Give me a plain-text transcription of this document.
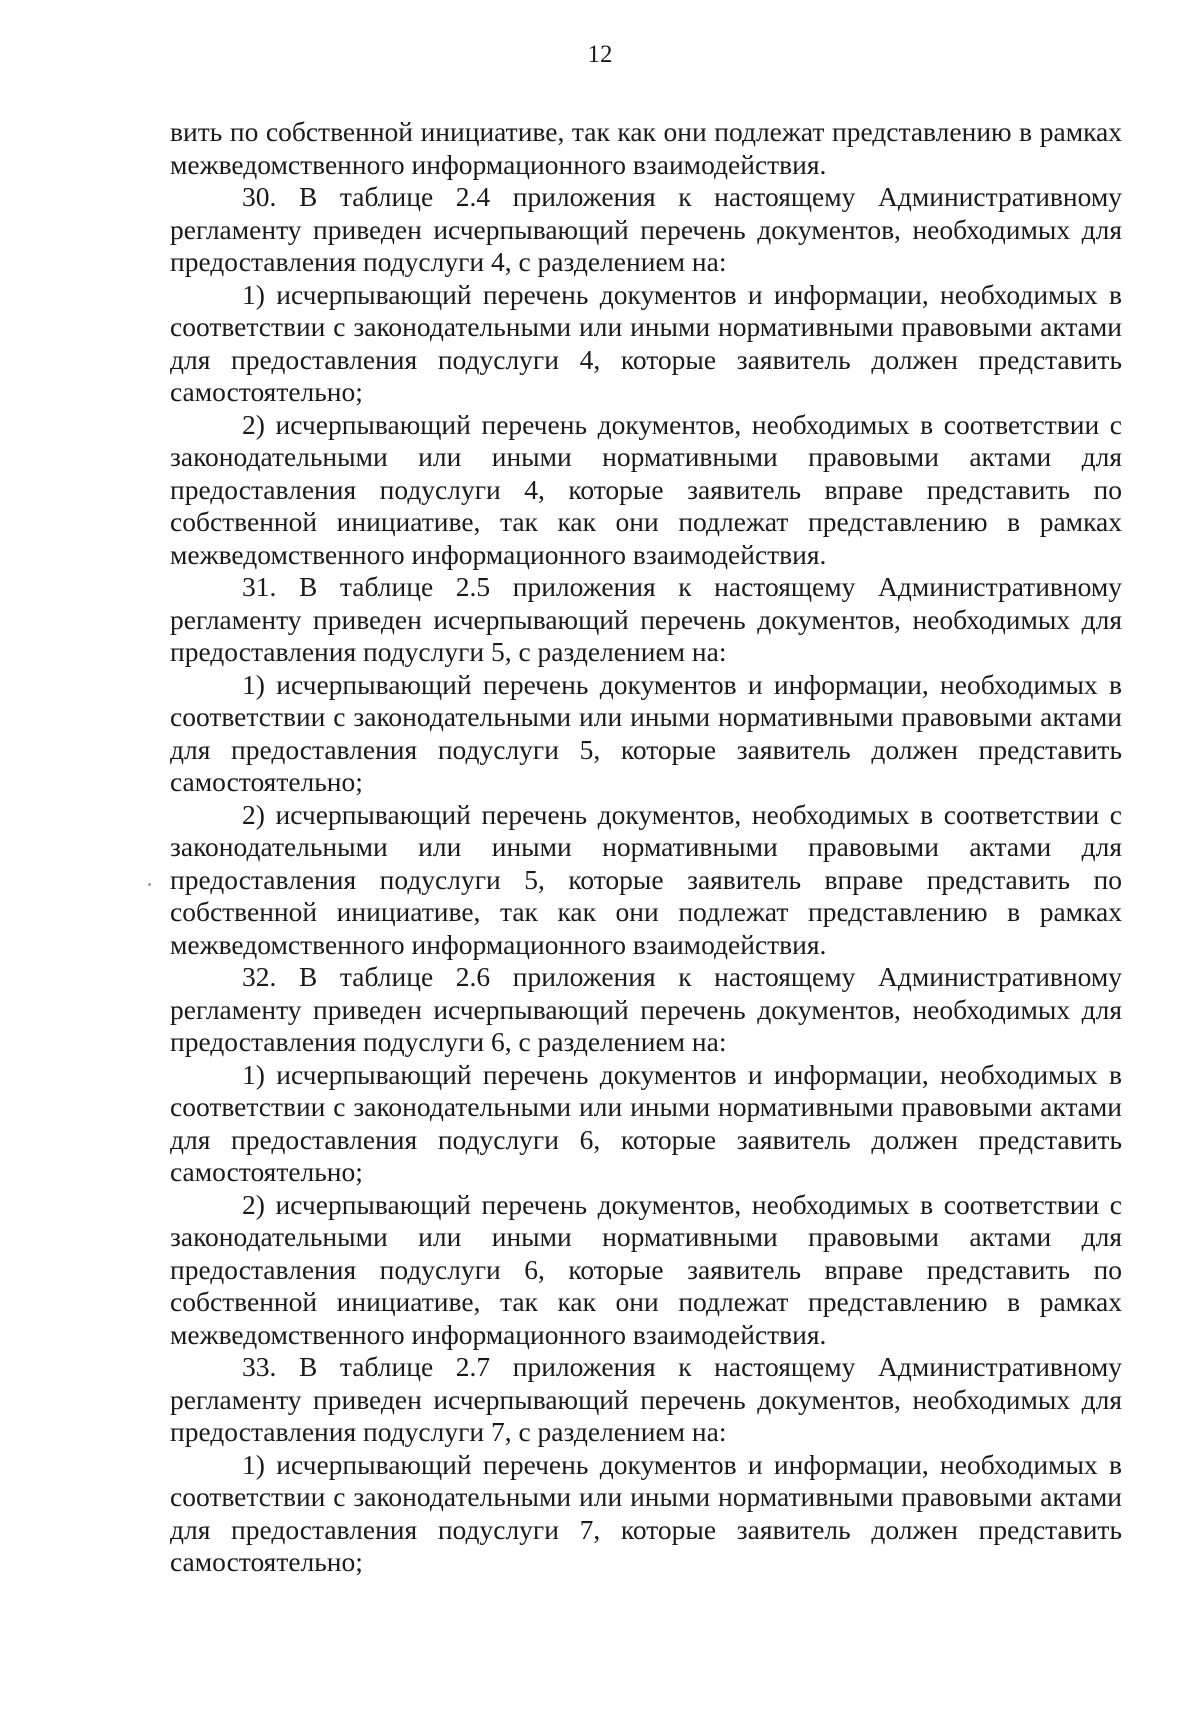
12

вить по собственной инициативе, так как они подлежат представлению в рамках межведомственного информационного взаимодействия.

30. В таблице 2.4 приложения к настоящему Административному регламенту приведен исчерпывающий перечень документов, необходимых для предоставления подуслуги 4, с разделением на:

1) исчерпывающий перечень документов и информации, необходимых в соответствии с законодательными или иными нормативными правовыми актами для предоставления подуслуги 4, которые заявитель должен представить самостоятельно;

2) исчерпывающий перечень документов, необходимых в соответствии с законодательными или иными нормативными правовыми актами для предоставления подуслуги 4, которые заявитель вправе представить по собственной инициативе, так как они подлежат представлению в рамках межведомственного информационного взаимодействия.

31. В таблице 2.5 приложения к настоящему Административному регламенту приведен исчерпывающий перечень документов, необходимых для предоставления подуслуги 5, с разделением на:

1) исчерпывающий перечень документов и информации, необходимых в соответствии с законодательными или иными нормативными правовыми актами для предоставления подуслуги 5, которые заявитель должен представить самостоятельно;

2) исчерпывающий перечень документов, необходимых в соответствии с законодательными или иными нормативными правовыми актами для предоставления подуслуги 5, которые заявитель вправе представить по собственной инициативе, так как они подлежат представлению в рамках межведомственного информационного взаимодействия.

32. В таблице 2.6 приложения к настоящему Административному регламенту приведен исчерпывающий перечень документов, необходимых для предоставления подуслуги 6, с разделением на:

1) исчерпывающий перечень документов и информации, необходимых в соответствии с законодательными или иными нормативными правовыми актами для предоставления подуслуги 6, которые заявитель должен представить самостоятельно;

2) исчерпывающий перечень документов, необходимых в соответствии с законодательными или иными нормативными правовыми актами для предоставления подуслуги 6, которые заявитель вправе представить по собственной инициативе, так как они подлежат представлению в рамках межведомственного информационного взаимодействия.

33. В таблице 2.7 приложения к настоящему Административному регламенту приведен исчерпывающий перечень документов, необходимых для предоставления подуслуги 7, с разделением на:

1) исчерпывающий перечень документов и информации, необходимых в соответствии с законодательными или иными нормативными правовыми актами для предоставления подуслуги 7, которые заявитель должен представить самостоятельно;
